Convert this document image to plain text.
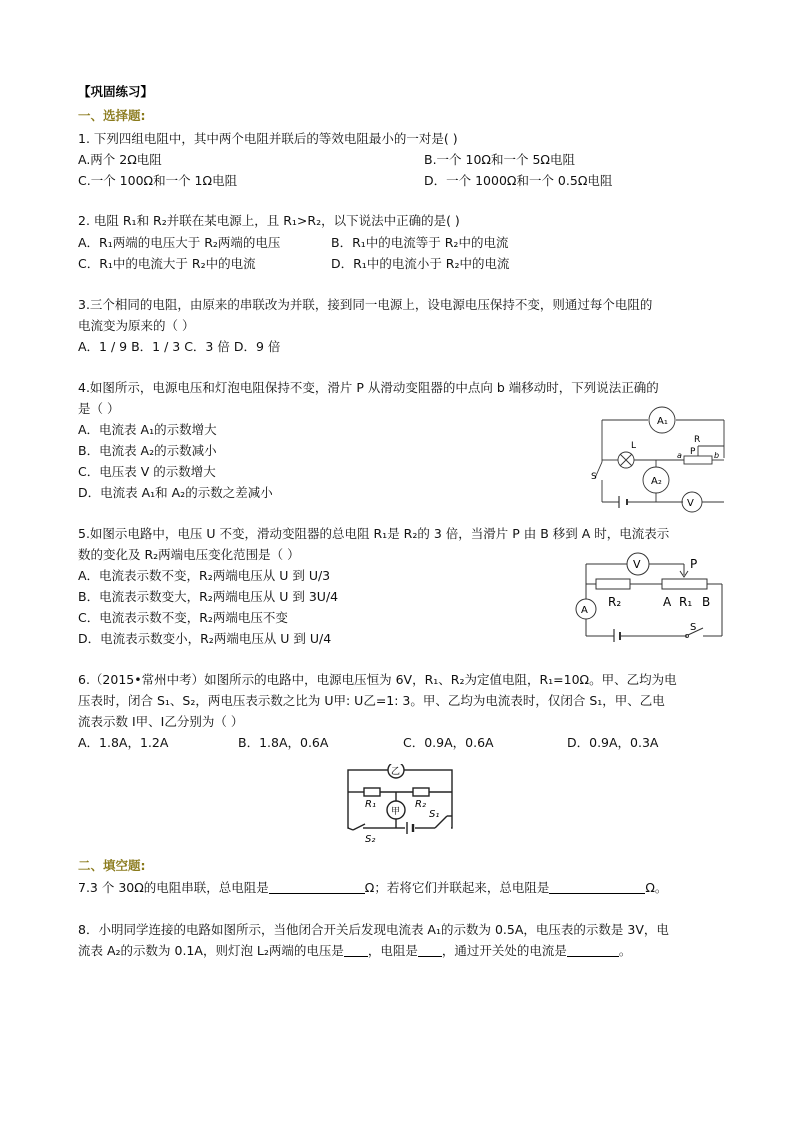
【巩固练习】
一、选择题:
1. 下列四组电阻中，其中两个电阻并联后的等效电阻最小的一对是( )
A.两个 2Ω电阻	B.一个 10Ω和一个 5Ω电阻
C.一个 100Ω和一个 1Ω电阻	D．一个 1000Ω和一个 0.5Ω电阻
2. 电阻 R₁和 R₂并联在某电源上，且 R₁>R₂，以下说法中正确的是( )
A．R₁两端的电压大于 R₂两端的电压	B．R₁中的电流等于 R₂中的电流
C．R₁中的电流大于 R₂中的电流	D．R₁中的电流小于 R₂中的电流
3.三个相同的电阻，由原来的串联改为并联，接到同一电源上，设电源电压保持不变，则通过每个电阻的
电流变为原来的（ ）
A．1 / 9 B．1 / 3 C．3 倍 D．9 倍
4.如图所示，电源电压和灯泡电阻保持不变，滑片 P 从滑动变阻器的中点向 b 端移动时，下列说法正确的
是（ ）
A．电流表 A₁的示数增大
B．电流表 A₂的示数减小
C．电压表 V 的示数增大
D．电流表 A₁和 A₂的示数之差减小
A₁
A₂
V
L
R
P
a	b
S
5.如图示电路中，电压 U 不变，滑动变阻器的总电阻 R₁是 R₂的 3 倍，当滑片 P 由 B 移到 A 时，电流表示
数的变化及 R₂两端电压变化范围是（ ）
A．电流表示数不变，R₂两端电压从 U 到 U/3
B．电流表示数变大，R₂两端电压从 U 到 3U/4
C．电流表示数不变，R₂两端电压不变
D．电流表示数变小，R₂两端电压从 U 到 U/4
V
A
P
R₂	A R₁ B
S
6.（2015•常州中考）如图所示的电路中，电源电压恒为 6V，R₁、R₂为定值电阻，R₁=10Ω。甲、乙均为电
压表时，闭合 S₁、S₂，两电压表示数之比为 U甲: U乙=1: 3。甲、乙均为电流表时，仅闭合 S₁，甲、乙电
流表示数 I甲、I乙分别为（ ）
A．1.8A，1.2A	B．1.8A，0.6A	C．0.9A，0.6A	D．0.9A，0.3A
乙
甲
R₁	R₂
S₁
S₂
二、填空题:
7.3 个 30Ω的电阻串联，总电阻是	Ω；若将它们并联起来，总电阻是	Ω。
8．小明同学连接的电路如图所示，当他闭合开关后发现电流表 A₁的示数为 0.5A，电压表的示数是 3V，电
流表 A₂的示数为 0.1A，则灯泡 L₂两端的电压是 ，电阻是 ，通过开关处的电流是	。
